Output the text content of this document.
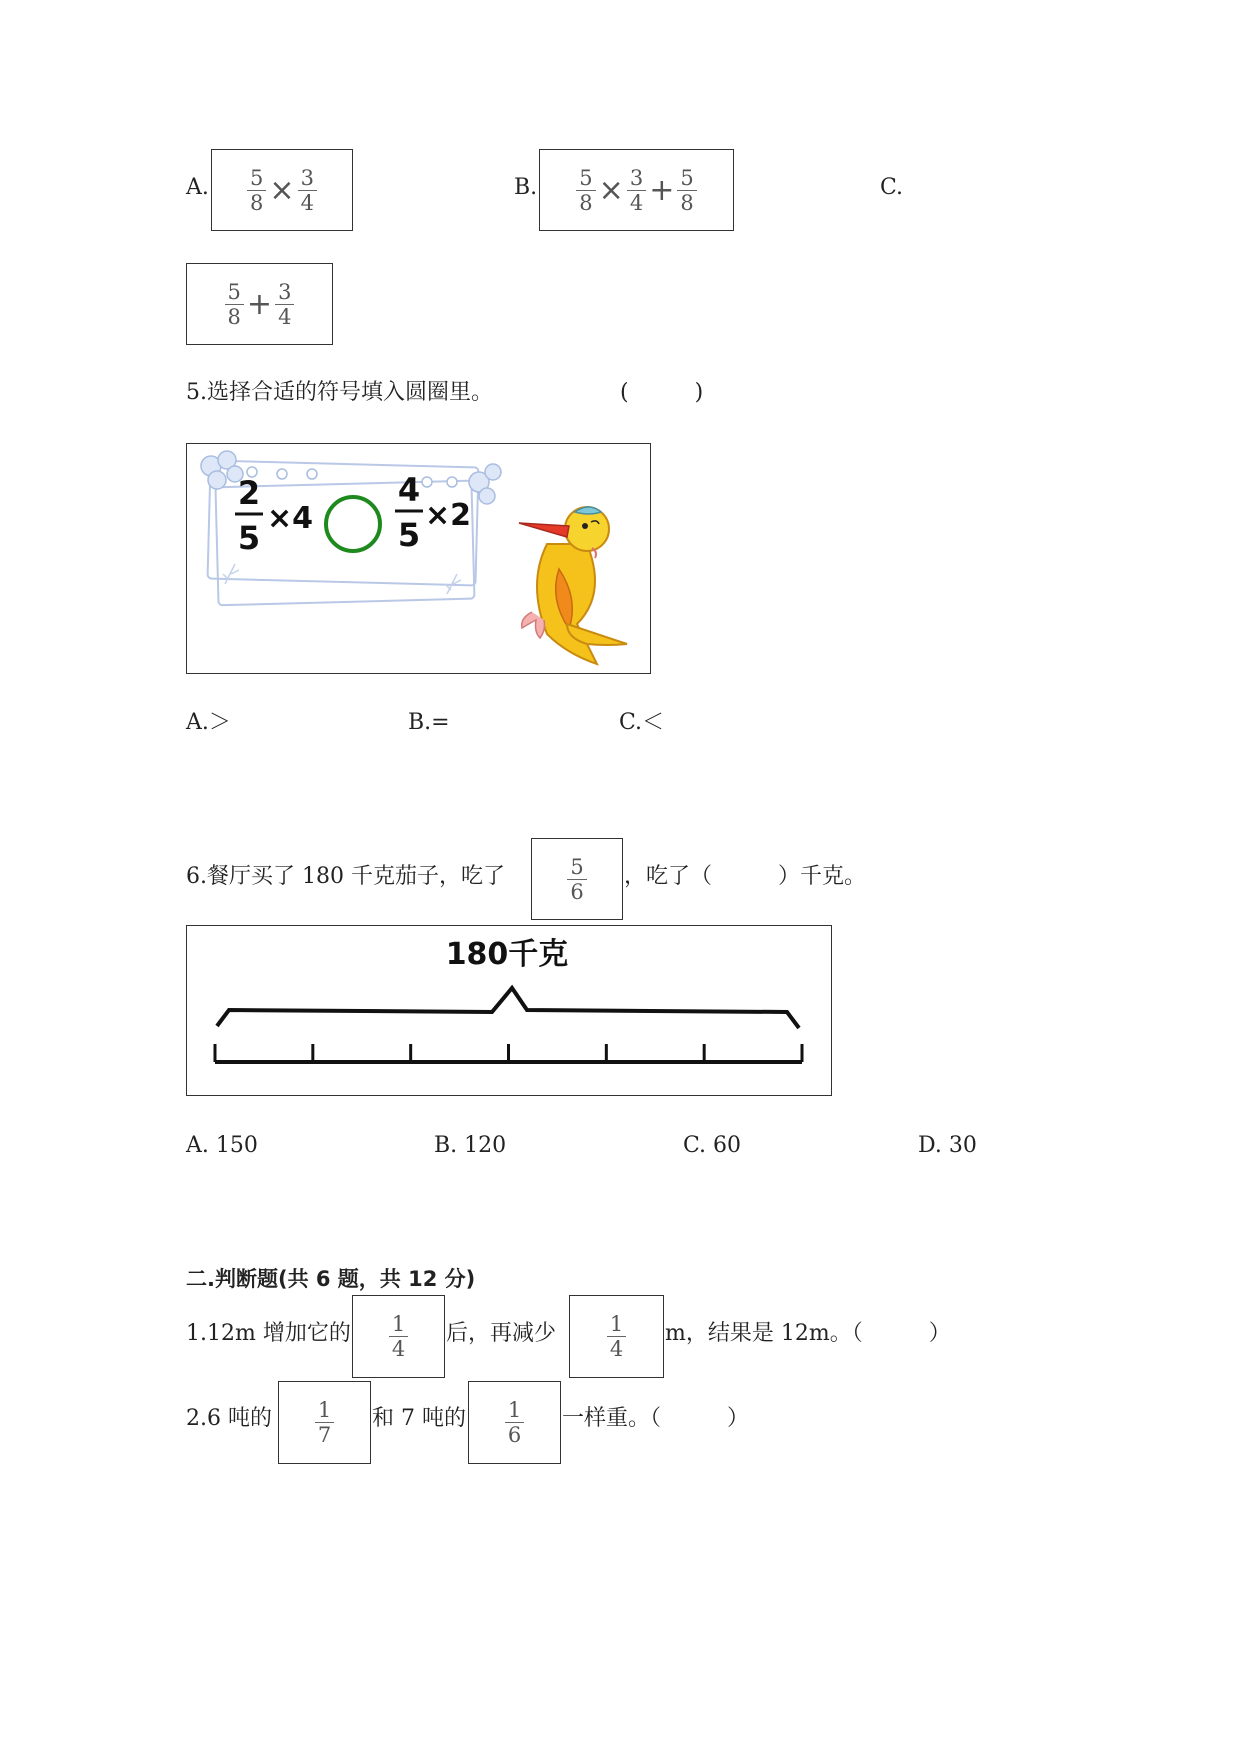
A. $\frac{5}{8} \times \frac{3}{4}$	B. $\frac{5}{8} \times \frac{3}{4} + \frac{5}{8}$	C.
$\frac{5}{8} + \frac{3}{4}$
5.选择合适的符号填入圆圈里。	(　　　)
2
5
×4
4
5
×2
A.＞	B.=	C.＜
6.餐厅买了 180 千克茄子，吃了	$\frac{5}{6}$ ，吃了（　　　）千克。
180千克
A. 150	B. 120	C. 60	D. 30
二.判断题(共 6 题，共 12 分)
1.12m 增加它的 $\frac{1}{4}$ 后，再减少 $\frac{1}{4}$ m，结果是 12m。（　　　）
2.6 吨的 $\frac{1}{7}$ 和 7 吨的 $\frac{1}{6}$ 一样重。（　　　）
